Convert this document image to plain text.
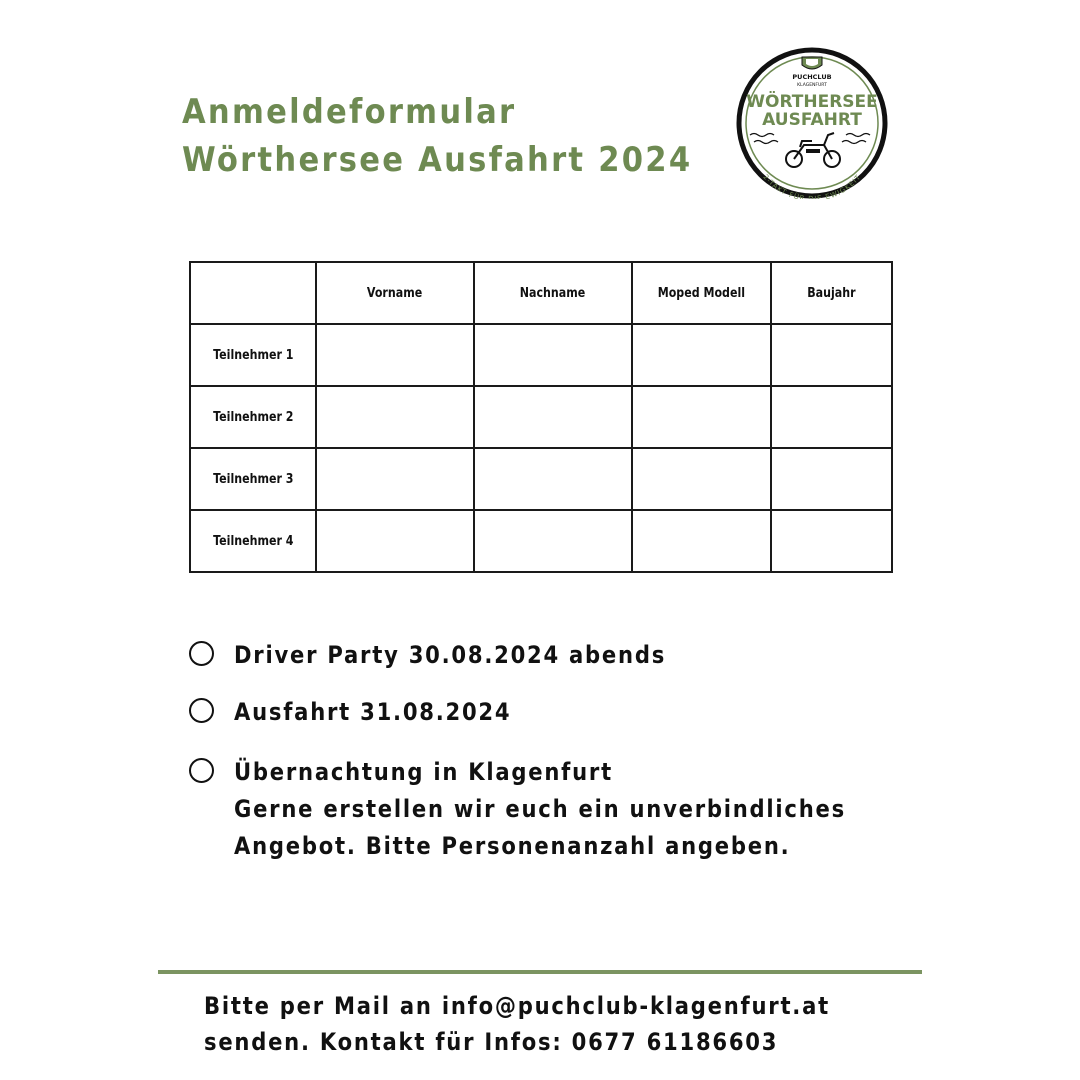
Anmeldeformular
Wörthersee Ausfahrt 2024
PUCHCLUB
KLAGENFURT
WÖRTHERSEE
AUSFAHRT
2-TAKT FÜR DIE EWIGKEIT
	Vorname	Nachname	Moped Modell	Baujahr
Teilnehmer 1				
Teilnehmer 2				
Teilnehmer 3				
Teilnehmer 4				
Driver Party 30.08.2024 abends
Ausfahrt 31.08.2024
Übernachtung in Klagenfurt
Gerne erstellen wir euch ein unverbindliches
Angebot. Bitte Personenanzahl angeben.
Bitte per Mail an info@puchclub-klagenfurt.at
senden. Kontakt für Infos: 0677 61186603
